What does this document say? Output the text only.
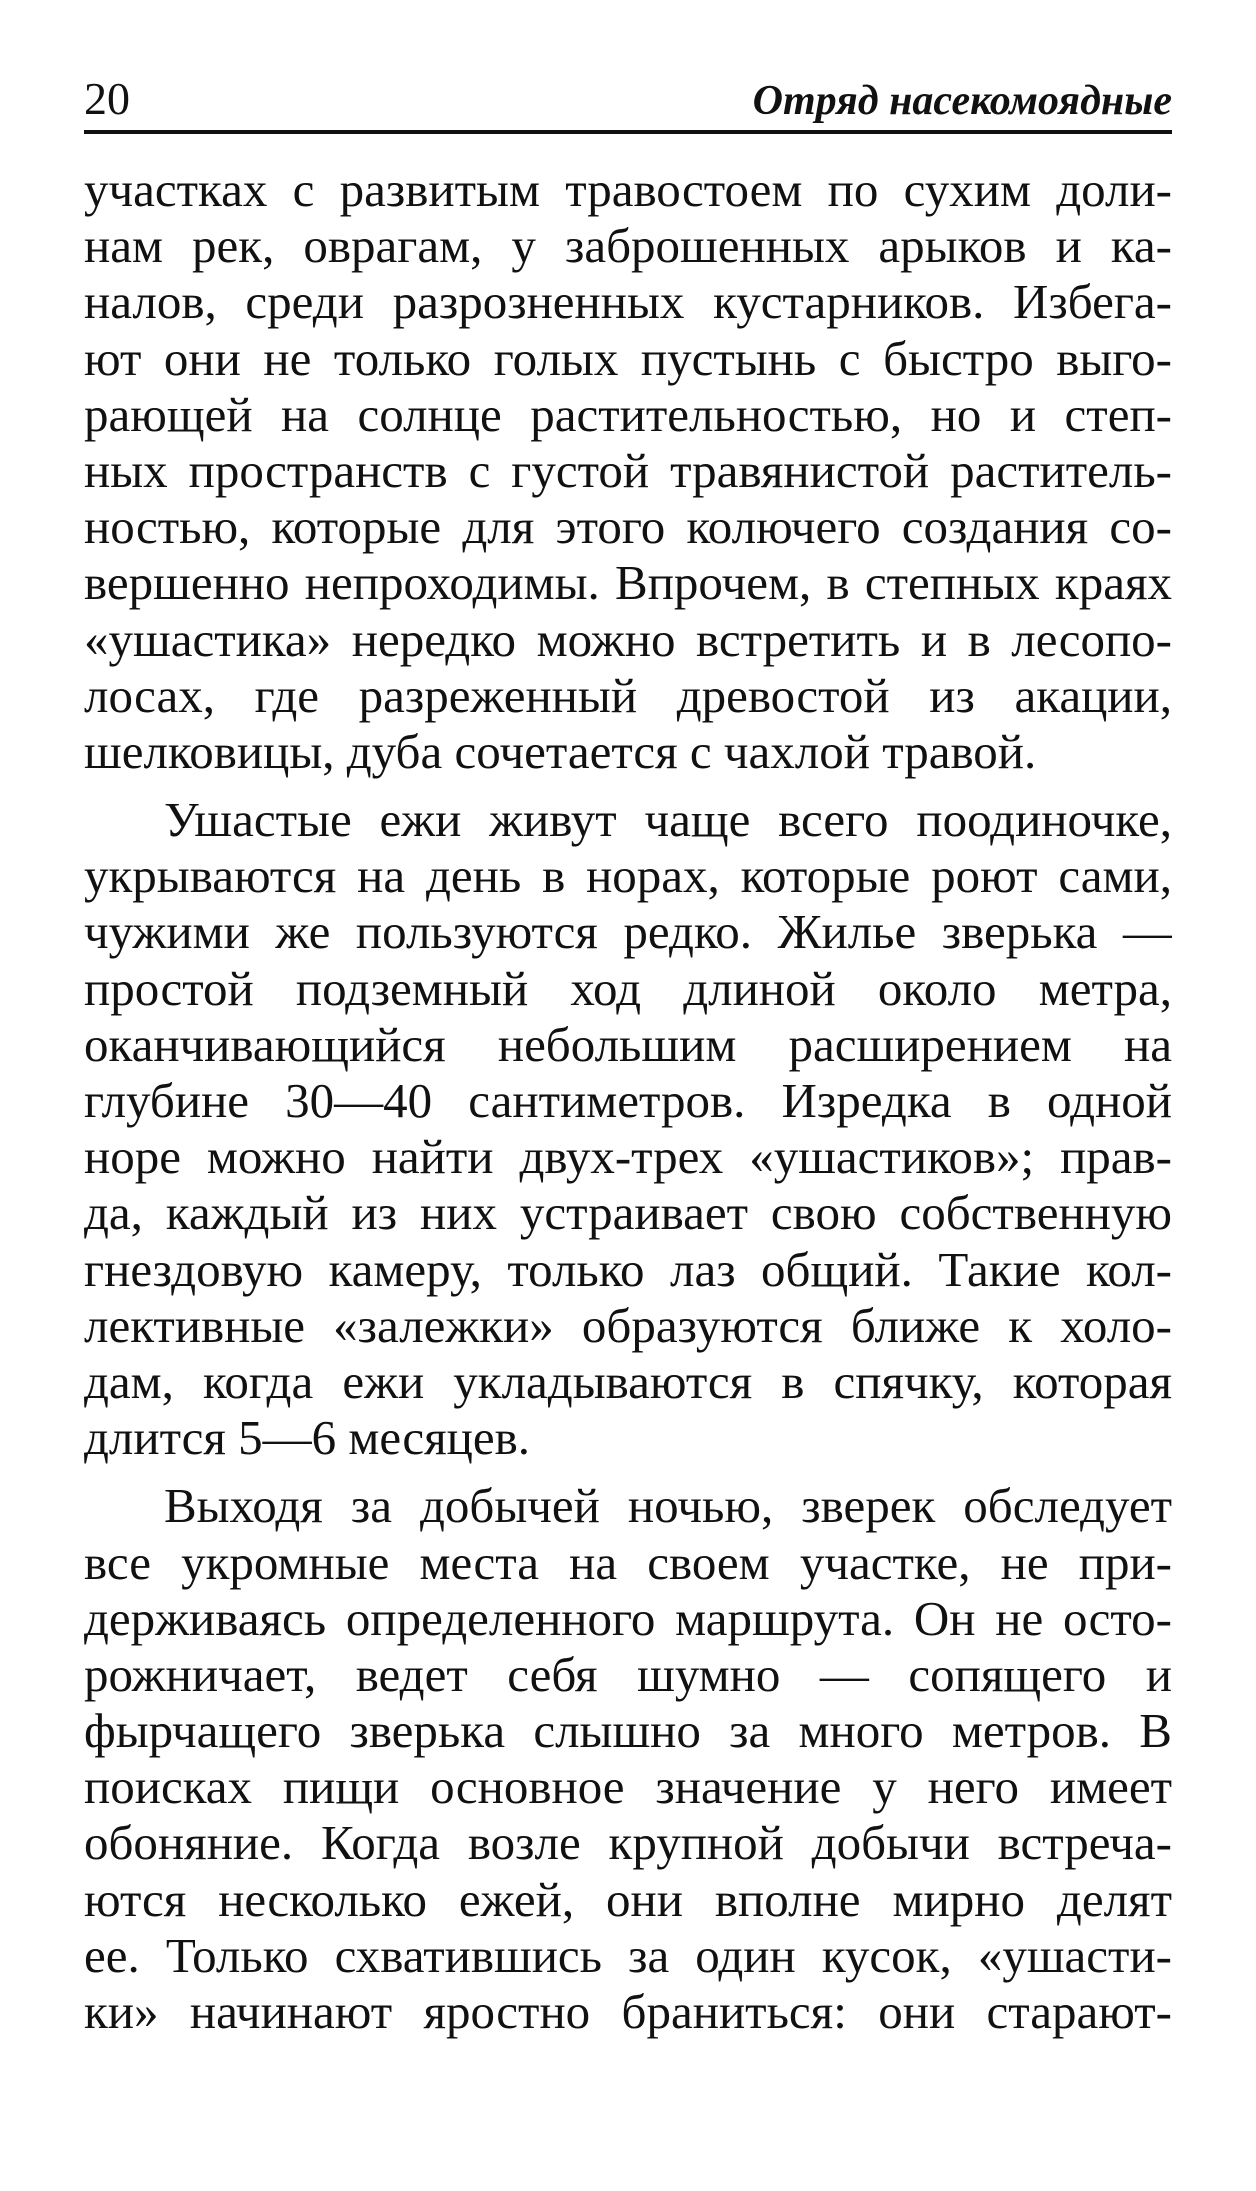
20	Отряд насекомоядные
участках с развитым травостоем по сухим доли-
нам рек, оврагам, у заброшенных арыков и ка-
налов, среди разрозненных кустарников. Избега-
ют они не только голых пустынь с быстро выго-
рающей на солнце растительностью, но и степ-
ных пространств с густой травянистой раститель-
ностью, которые для этого колючего создания со-
вершенно непроходимы. Впрочем, в степных краях
«ушастика» нередко можно встретить и в лесопо-
лосах, где разреженный древостой из акации,
шелковицы, дуба сочетается с чахлой травой.
Ушастые ежи живут чаще всего поодиночке,
укрываются на день в норах, которые роют сами,
чужими же пользуются редко. Жилье зверька —
простой подземный ход длиной около метра,
оканчивающийся небольшим расширением на
глубине 30—40 сантиметров. Изредка в одной
норе можно найти двух-трех «ушастиков»; прав-
да, каждый из них устраивает свою собственную
гнездовую камеру, только лаз общий. Такие кол-
лективные «залежки» образуются ближе к холо-
дам, когда ежи укладываются в спячку, которая
длится 5—6 месяцев.
Выходя за добычей ночью, зверек обследует
все укромные места на своем участке, не при-
держиваясь определенного маршрута. Он не осто-
рожничает, ведет себя шумно — сопящего и
фырчащего зверька слышно за много метров. В
поисках пищи основное значение у него имеет
обоняние. Когда возле крупной добычи встреча-
ются несколько ежей, они вполне мирно делят
ее. Только схватившись за один кусок, «ушасти-
ки» начинают яростно браниться: они старают-
